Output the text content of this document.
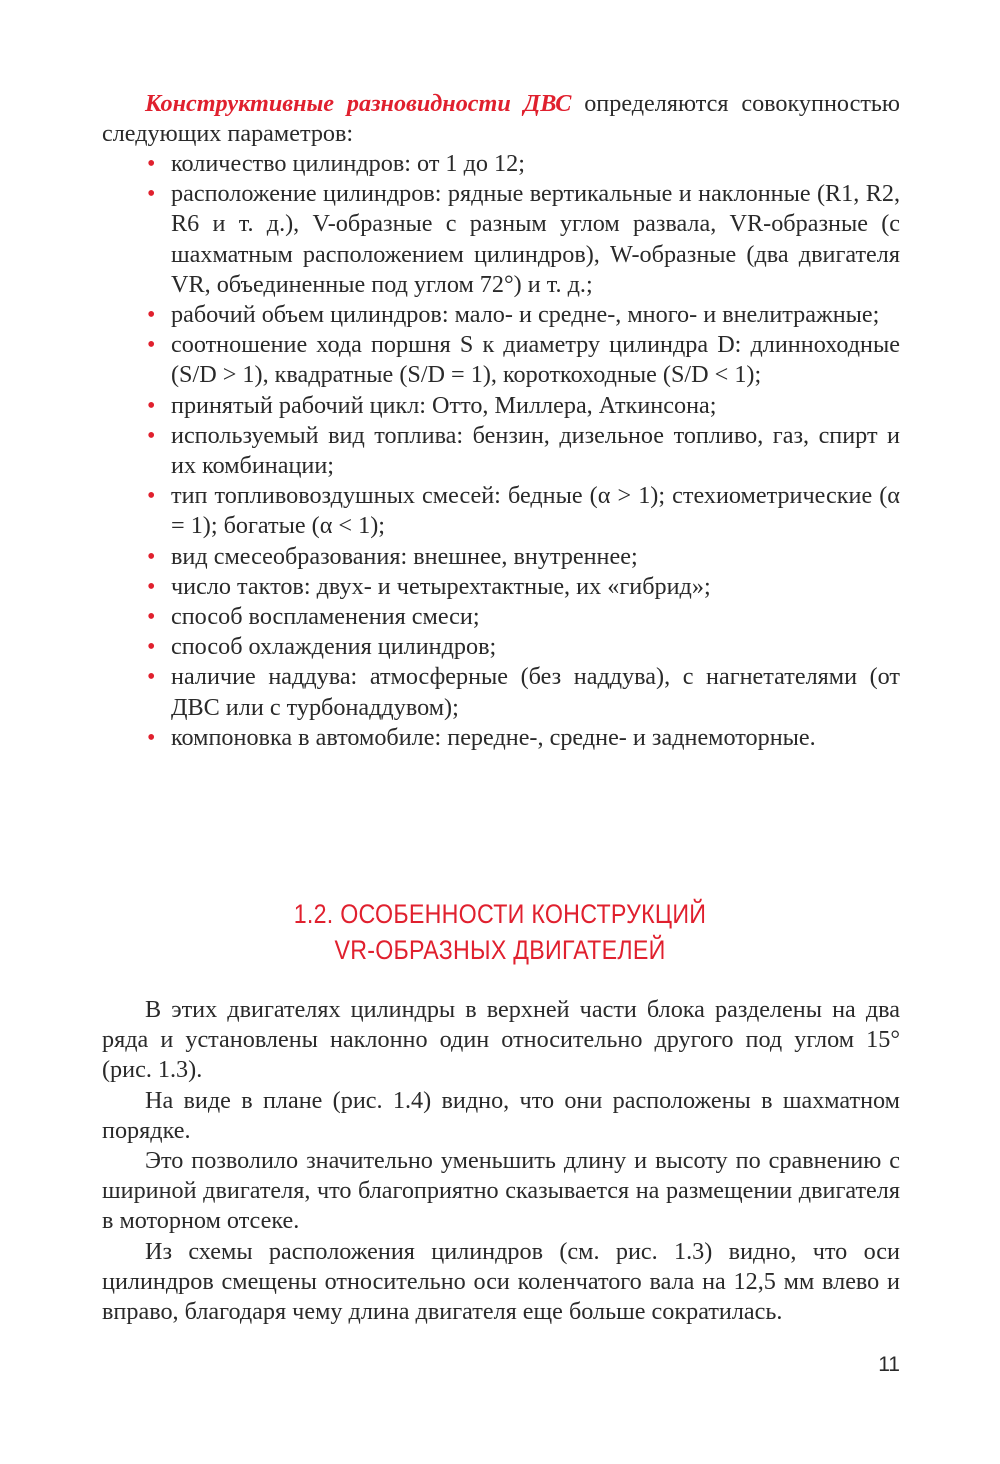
Конструктивные разновидности ДВС определяются совокупностью следующих параметров:

• количество цилиндров: от 1 до 12;
• расположение цилиндров: рядные вертикальные и наклонные (R1, R2, R6 и т. д.), V-образные с разным углом развала, VR-образные (с шахматным расположением цилиндров), W-образные (два двигателя VR, объединенные под углом 72°) и т. д.;
• рабочий объем цилиндров: мало- и средне-, много- и внелитражные;
• соотношение хода поршня S к диаметру цилиндра D: длинноходные (S/D > 1), квадратные (S/D = 1), короткоходные (S/D < 1);
• принятый рабочий цикл: Отто, Миллера, Аткинсона;
• используемый вид топлива: бензин, дизельное топливо, газ, спирт и их комбинации;
• тип топливовоздушных смесей: бедные (α > 1); стехиометрические (α = 1); богатые (α < 1);
• вид смесеобразования: внешнее, внутреннее;
• число тактов: двух- и четырехтактные, их «гибрид»;
• способ воспламенения смеси;
• способ охлаждения цилиндров;
• наличие наддува: атмосферные (без наддува), с нагнетателями (от ДВС или с турбонаддувом);
• компоновка в автомобиле: передне-, средне- и заднемоторные.
1.2. ОСОБЕННОСТИ КОНСТРУКЦИЙ
VR-ОБРАЗНЫХ ДВИГАТЕЛЕЙ

В этих двигателях цилиндры в верхней части блока разделены на два ряда и установлены наклонно один относительно другого под углом 15° (рис. 1.3).

На виде в плане (рис. 1.4) видно, что они расположены в шахматном порядке.

Это позволило значительно уменьшить длину и высоту по сравнению с шириной двигателя, что благоприятно сказывается на размещении двигателя в моторном отсеке.

Из схемы расположения цилиндров (см. рис. 1.3) видно, что оси цилиндров смещены относительно оси коленчатого вала на 12,5 мм влево и вправо, благодаря чему длина двигателя еще больше сократилась.

11
